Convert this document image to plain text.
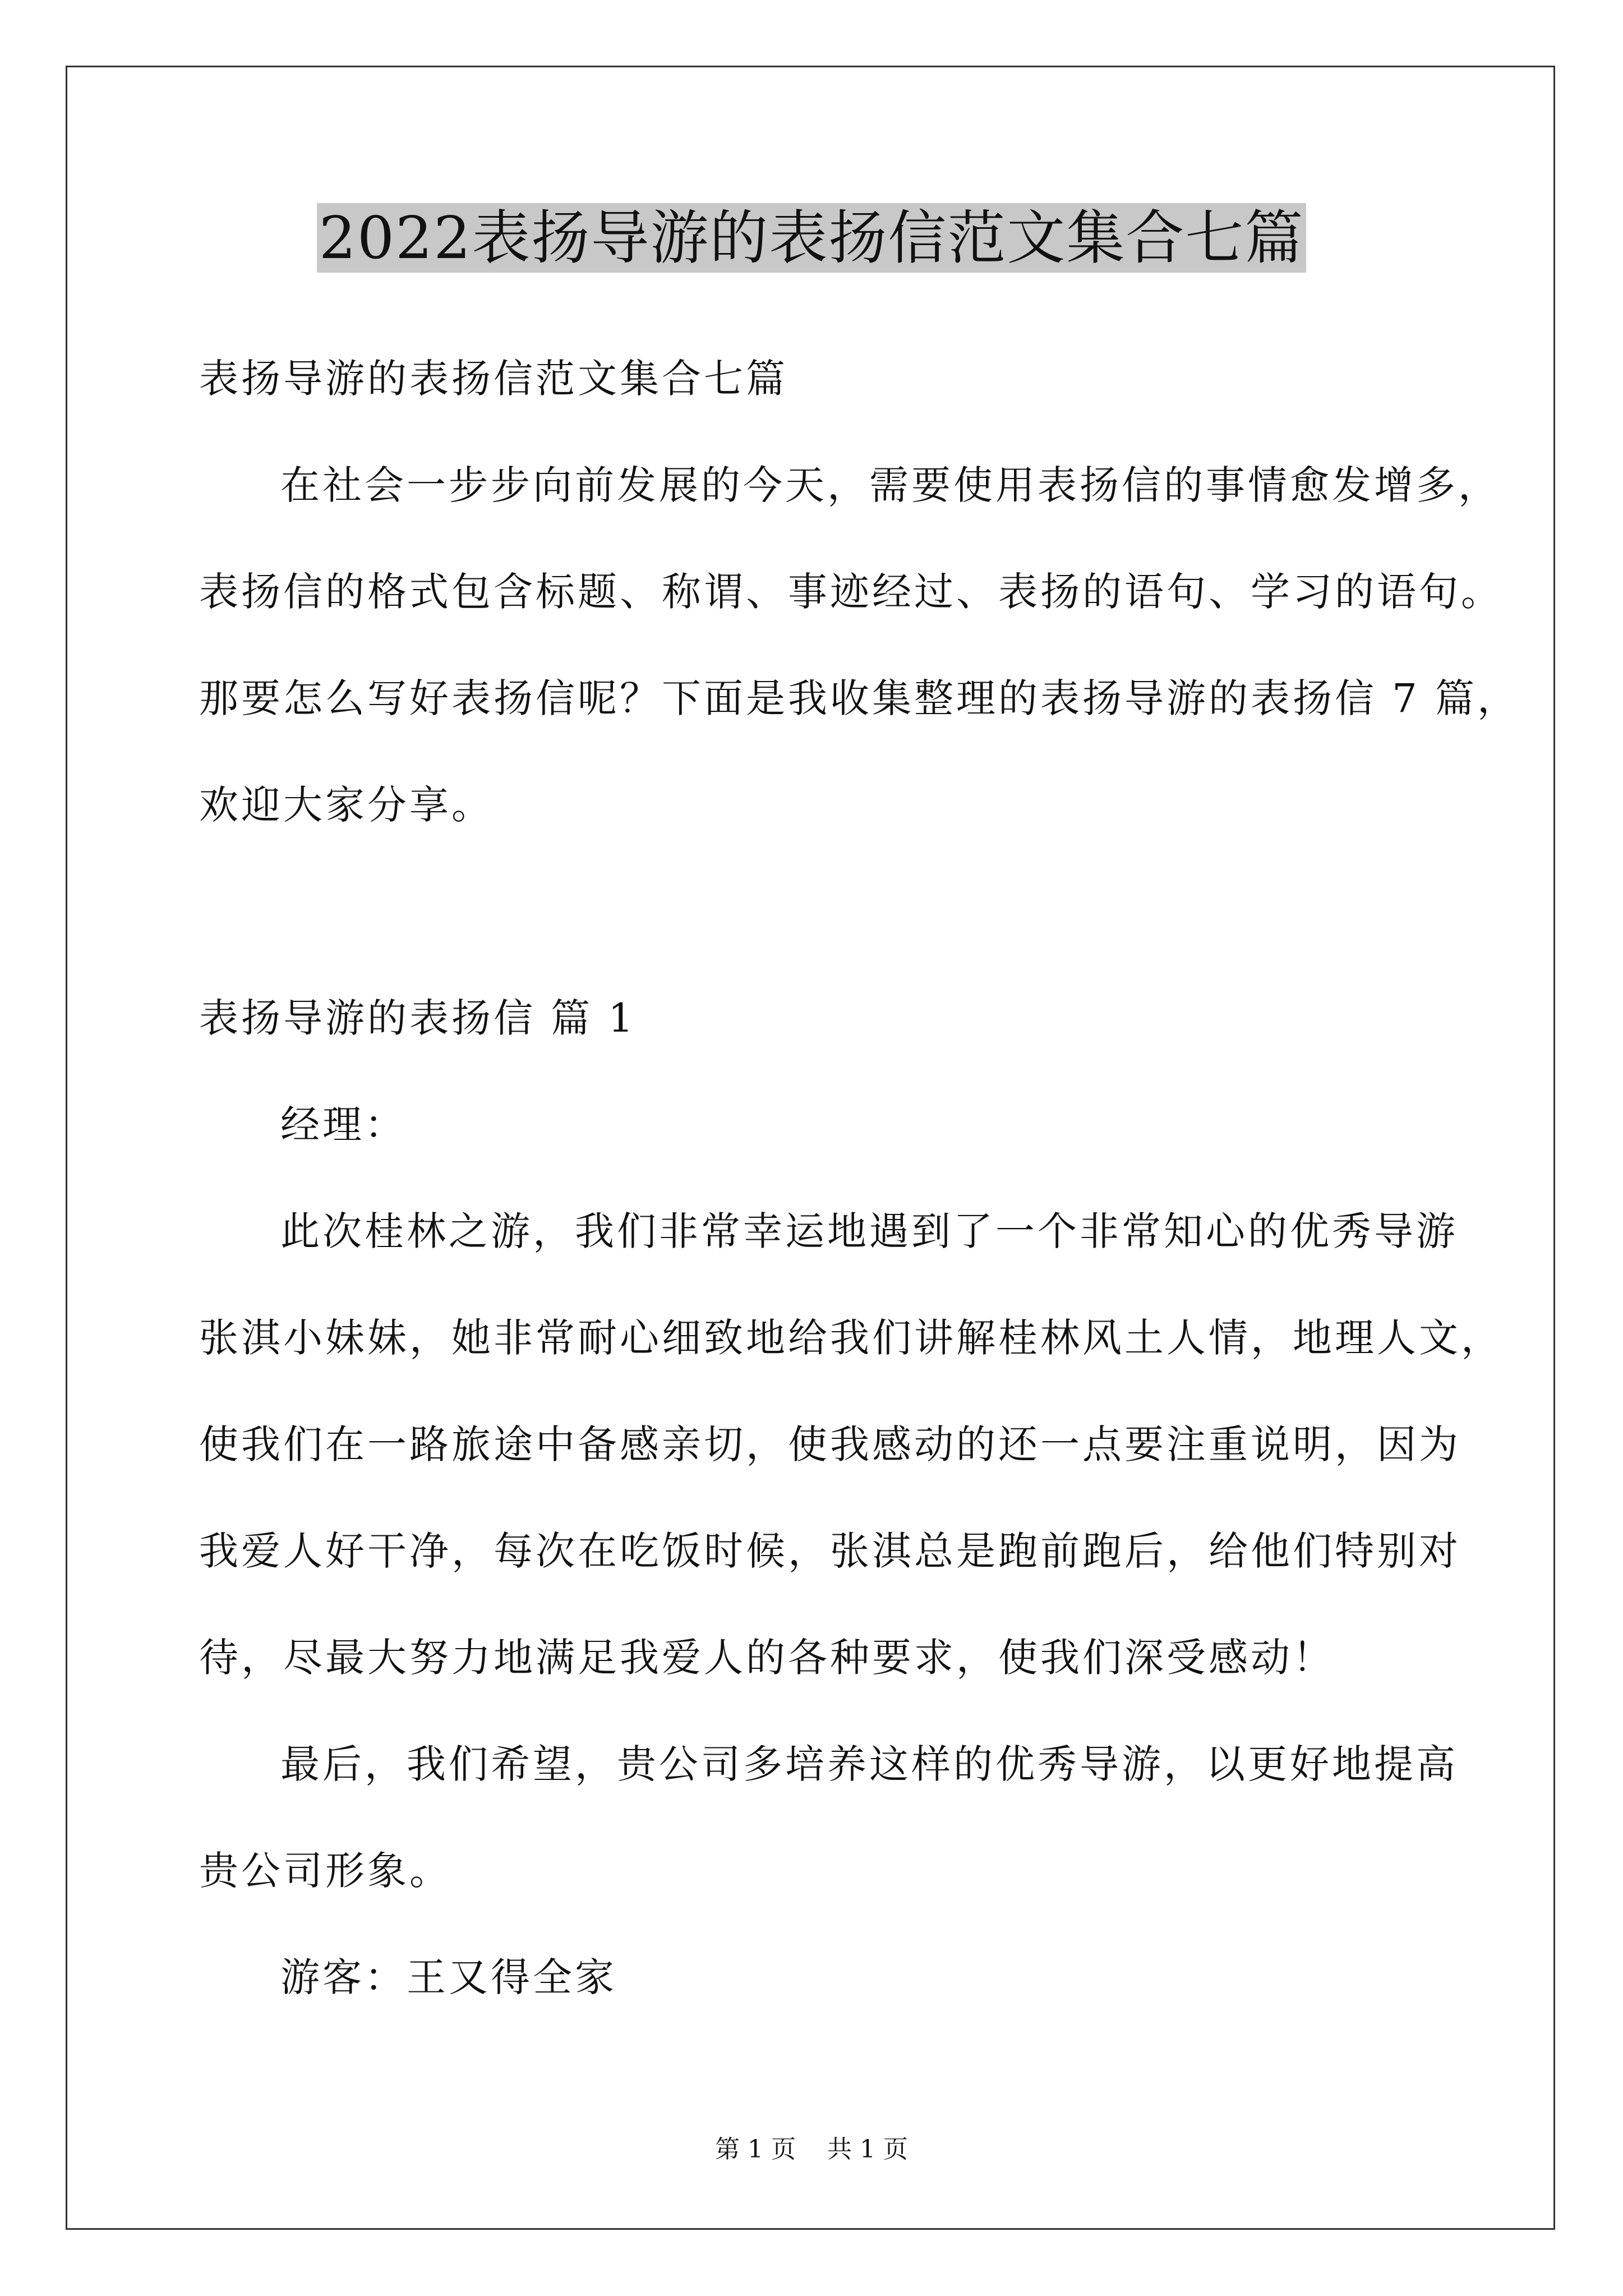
2022表扬导游的表扬信范文集合七篇
表扬导游的表扬信范文集合七篇
在社会一步步向前发展的今天，需要使用表扬信的事情愈发增多，
表扬信的格式包含标题、称谓、事迹经过、表扬的语句、学习的语句。
那要怎么写好表扬信呢？下面是我收集整理的表扬导游的表扬信 7 篇，
欢迎大家分享。
表扬导游的表扬信 篇 1
经理：
此次桂林之游，我们非常幸运地遇到了一个非常知心的优秀导游
张淇小妹妹，她非常耐心细致地给我们讲解桂林风土人情，地理人文，
使我们在一路旅途中备感亲切，使我感动的还一点要注重说明，因为
我爱人好干净，每次在吃饭时候，张淇总是跑前跑后，给他们特别对
待，尽最大努力地满足我爱人的各种要求，使我们深受感动！
最后，我们希望，贵公司多培养这样的优秀导游，以更好地提高
贵公司形象。
游客：王又得全家
第 1 页    共 1 页
